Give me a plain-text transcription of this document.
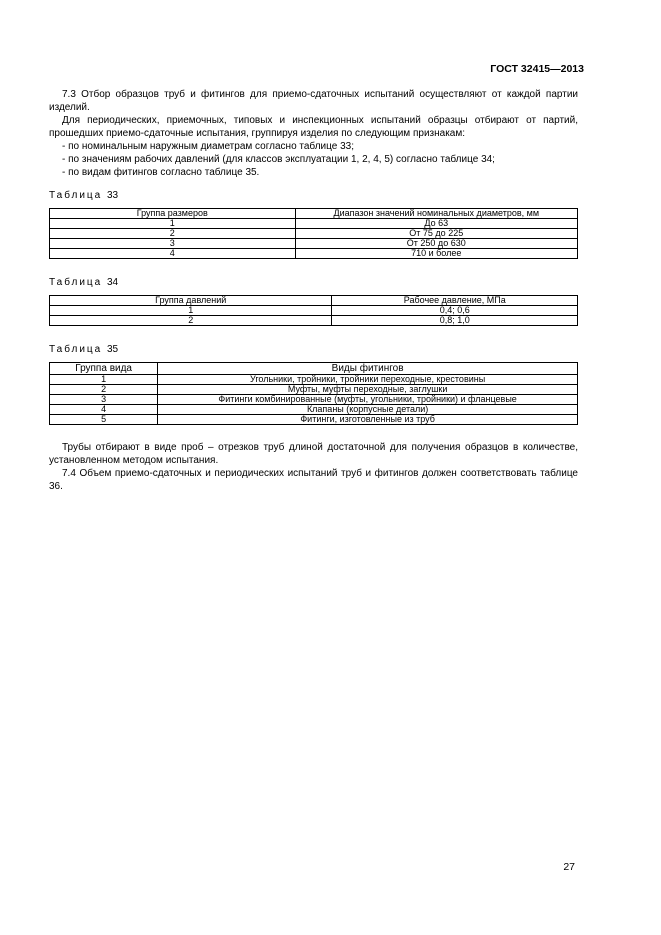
ГОСТ 32415—2013

7.3 Отбор образцов труб и фитингов для приемо-сдаточных испытаний осуществляют от каждой партии изделий.

Для периодических, приемочных, типовых и инспекционных испытаний образцы отбирают от партий, прошедших приемо-сдаточные испытания, группируя изделия по следующим признакам:

- по номинальным наружным диаметрам согласно таблице 33;

- по значениям рабочих давлений (для классов эксплуатации 1, 2, 4, 5) согласно таблице 34;

- по видам фитингов согласно таблице 35.

Таблица 33
Группа размеров	Диапазон значений номинальных диаметров, мм
1	До 63
2	От 75 до 225
3	От 250 до 630
4	710 и более
Таблица 34
Группа давлений	Рабочее давление, МПа
1	0,4; 0,6
2	0,8; 1,0
Таблица 35
Группа вида	Виды фитингов
1	Угольники, тройники, тройники переходные, крестовины
2	Муфты, муфты переходные, заглушки
3	Фитинги комбинированные (муфты, угольники, тройники) и фланцевые
4	Клапаны (корпусные детали)
5	Фитинги, изготовленные из труб

Трубы отбирают в виде проб – отрезков труб длиной достаточной для получения образцов в количестве, установленном методом испытания.

7.4 Объем приемо-сдаточных и периодических испытаний труб и фитингов должен соответствовать таблице 36.

27
